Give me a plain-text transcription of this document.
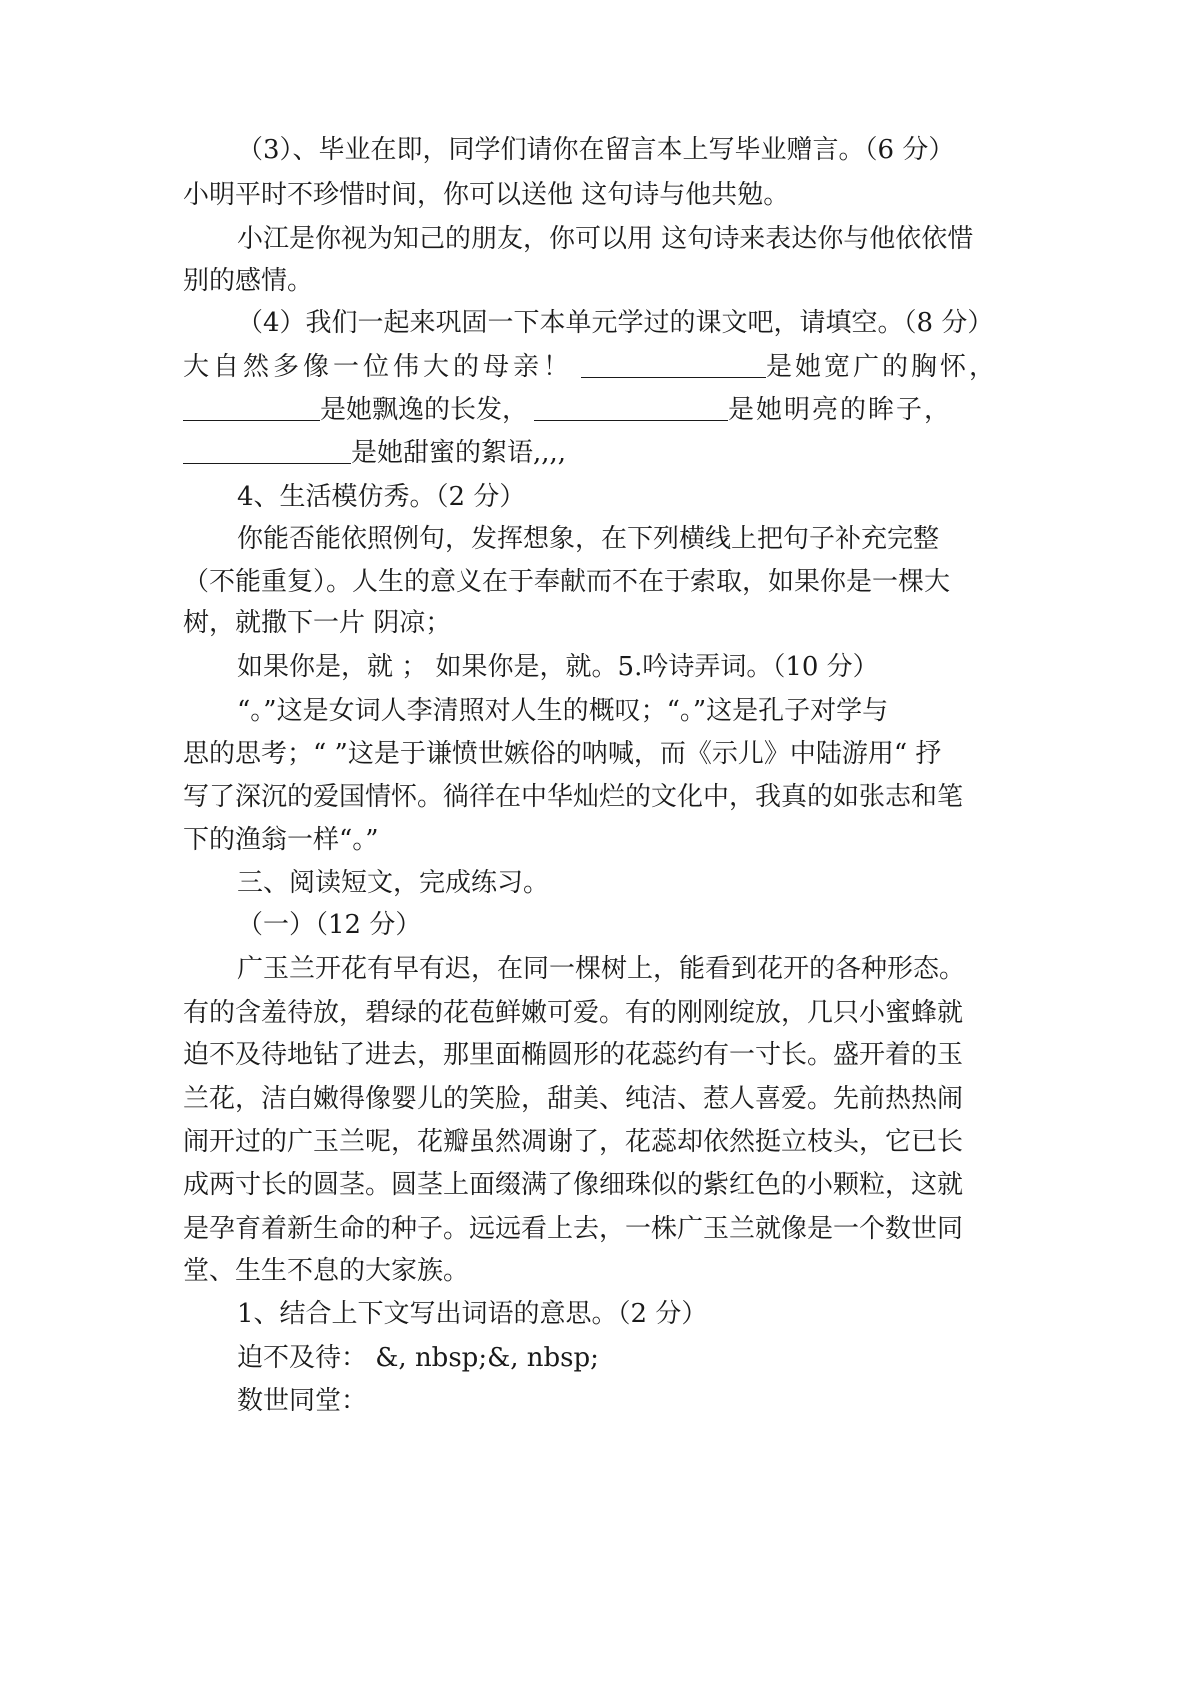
（3）、毕业在即，同学们请你在留言本上写毕业赠言。（6 分）
小明平时不珍惜时间，你可以送他 这句诗与他共勉。
小江是你视为知己的朋友，你可以用 这句诗来表达你与他依依惜
别的感情。
（4）我们一起来巩固一下本单元学过的课文吧，请填空。（8 分）
大自然多像一位伟大的母亲！	是她宽广的胸怀，
是她飘逸的长发，	是她明亮的眸子，
是她甜蜜的絮语,,,,
4、生活模仿秀。（2 分）
你能否能依照例句，发挥想象，在下列横线上把句子补充完整
（不能重复）。人生的意义在于奉献而不在于索取，如果你是一棵大
树，就撒下一片 阴凉；
如果你是，就 ； 如果你是，就。5.吟诗弄词。（10 分）
“。”这是女词人李清照对人生的概叹；“。”这是孔子对学与
思的思考；“ ”这是于谦愤世嫉俗的呐喊，而《示儿》中陆游用“ 抒
写了深沉的爱国情怀。徜徉在中华灿烂的文化中，我真的如张志和笔
下的渔翁一样“。”
三、阅读短文，完成练习。
（一）（12 分）
广玉兰开花有早有迟，在同一棵树上，能看到花开的各种形态。
有的含羞待放，碧绿的花苞鲜嫩可爱。有的刚刚绽放，几只小蜜蜂就
迫不及待地钻了进去，那里面椭圆形的花蕊约有一寸长。盛开着的玉
兰花，洁白嫩得像婴儿的笑脸，甜美、纯洁、惹人喜爱。先前热热闹
闹开过的广玉兰呢，花瓣虽然凋谢了，花蕊却依然挺立枝头，它已长
成两寸长的圆茎。圆茎上面缀满了像细珠似的紫红色的小颗粒，这就
是孕育着新生命的种子。远远看上去，一株广玉兰就像是一个数世同
堂、生生不息的大家族。
1、结合上下文写出词语的意思。（2 分）
迫不及待： &, nbsp;&, nbsp;
数世同堂：
